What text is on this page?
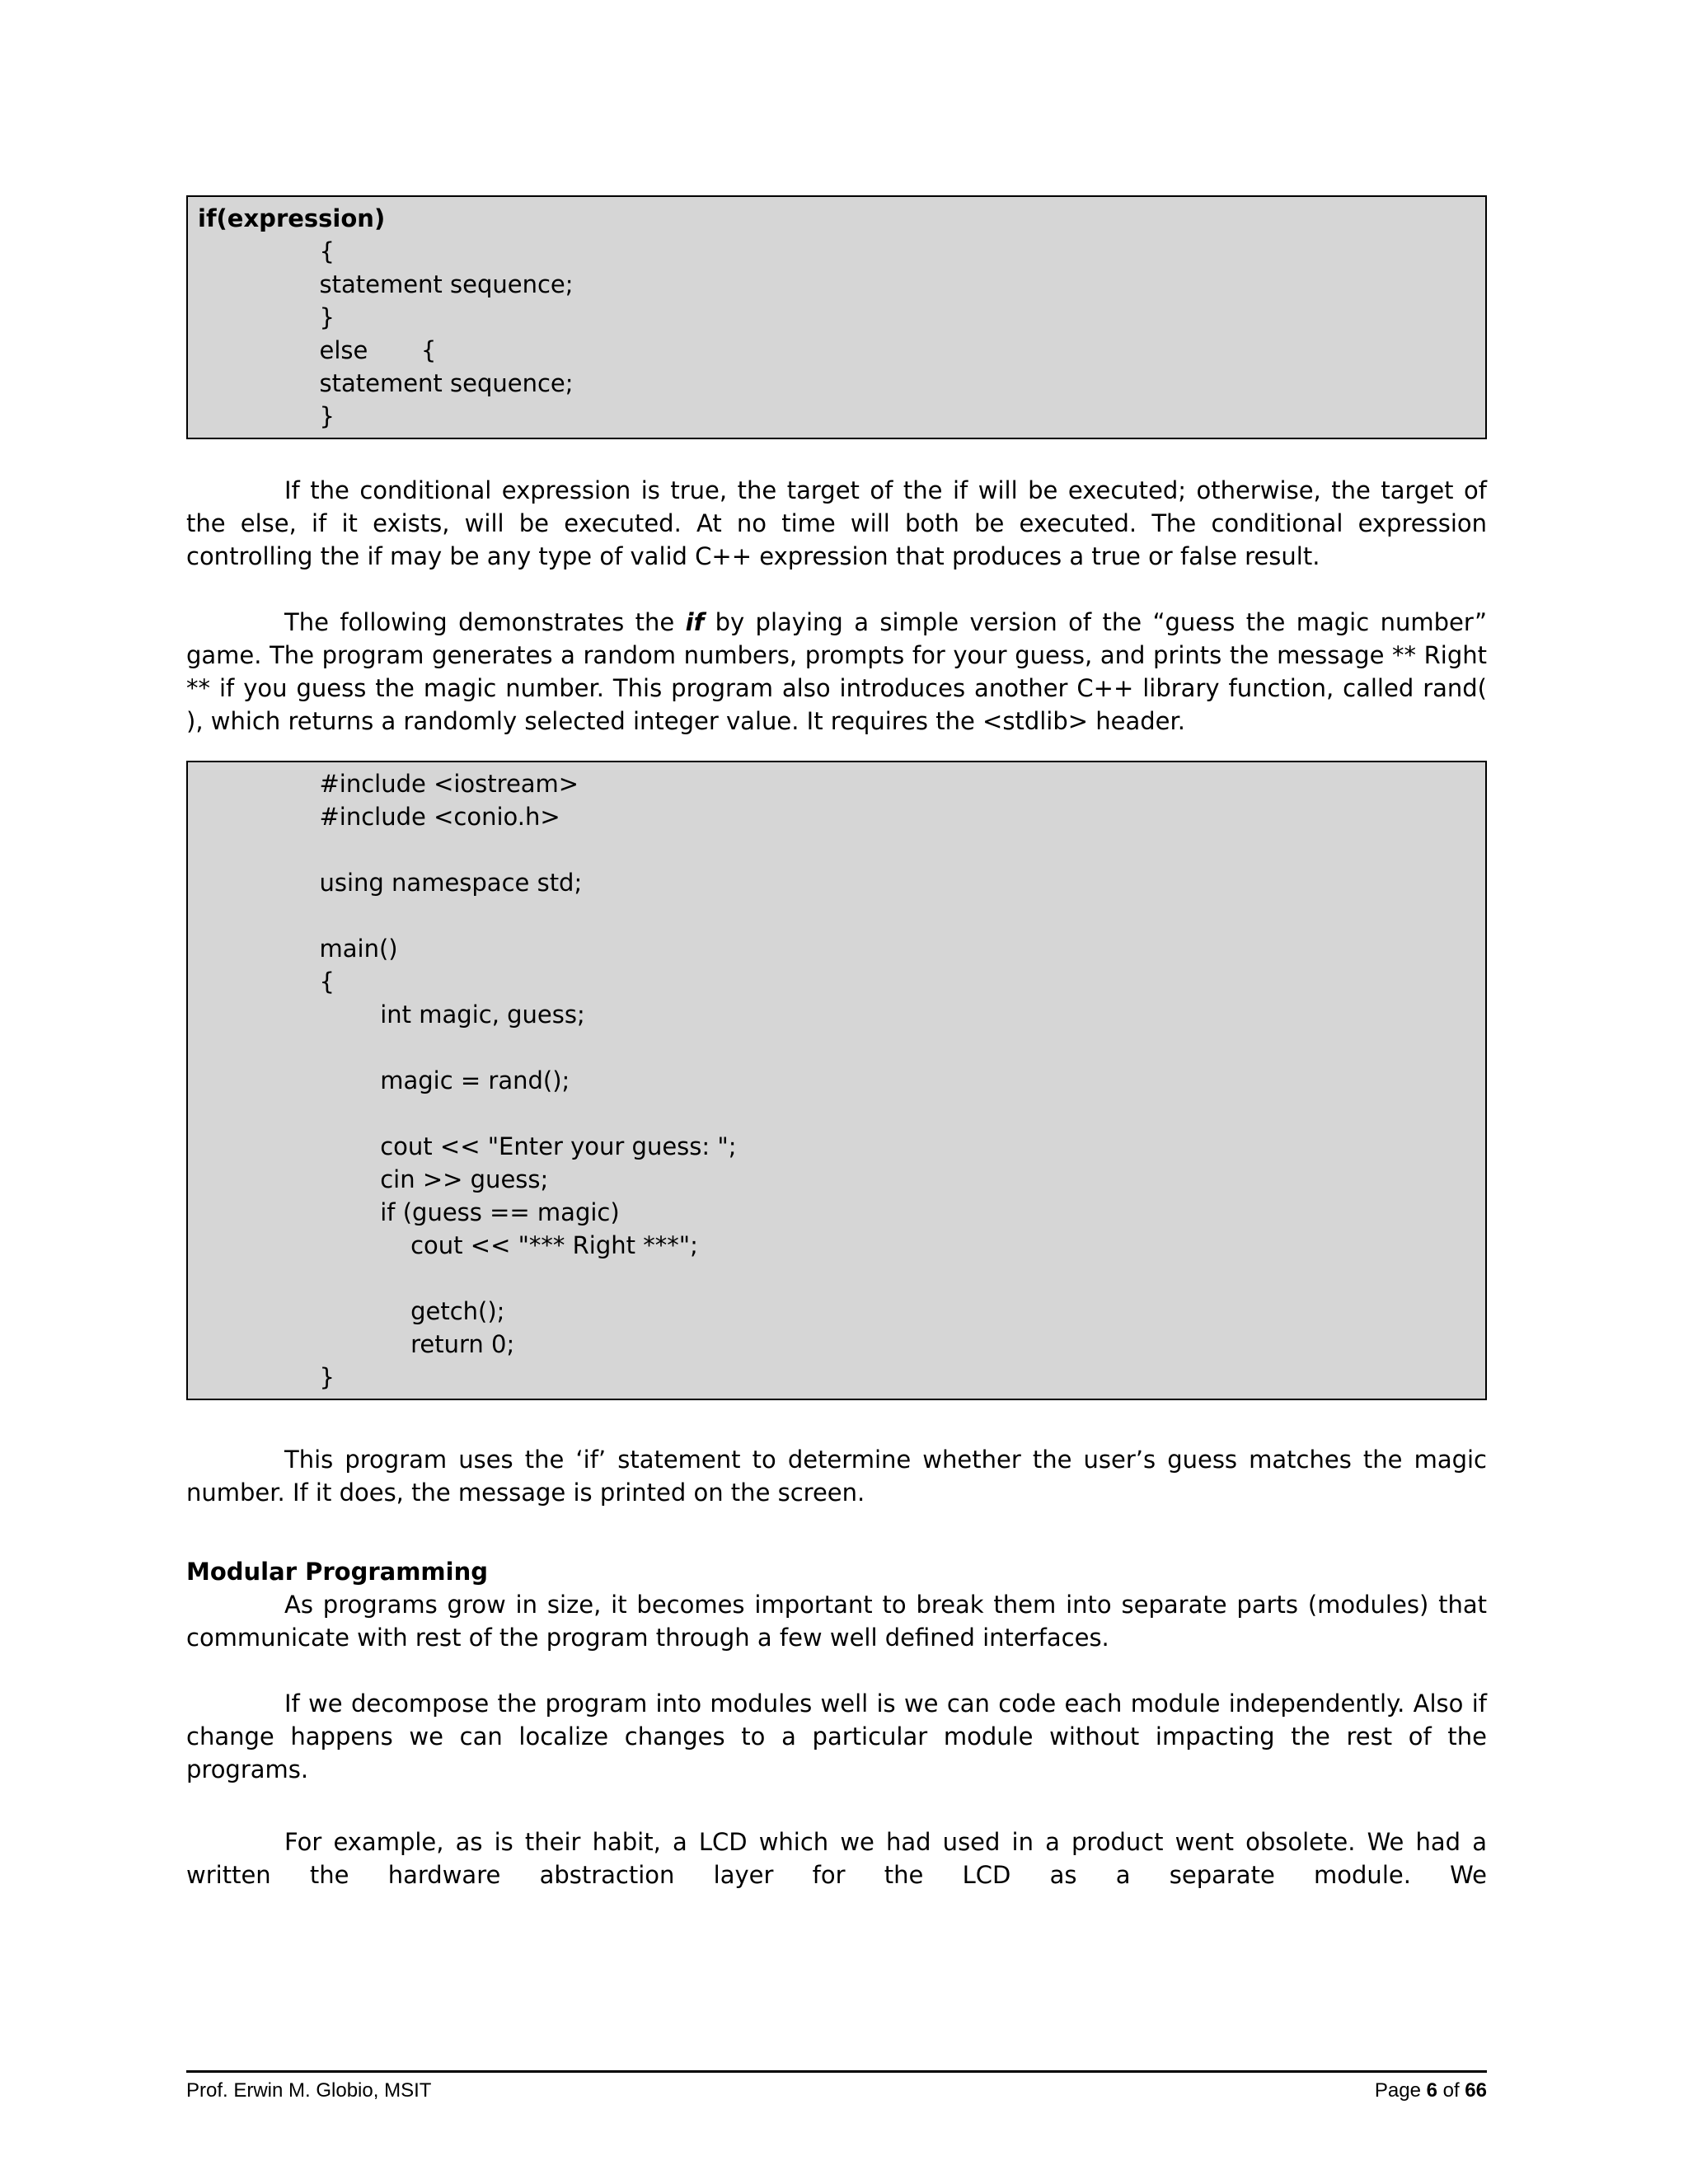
if(expression)
{
statement sequence;
}
else       {
statement sequence;
}

If the conditional expression is true, the target of the if will be executed; otherwise, the target of the else, if it exists, will be executed. At no time will both be executed. The conditional expression controlling the if may be any type of valid C++ expression that produces a true or false result.

The following demonstrates the if by playing a simple version of the “guess the magic number” game. The program generates a random numbers, prompts for your guess, and prints the message ** Right ** if you guess the magic number. This program also introduces another C++ library function, called rand( ), which returns a randomly selected integer value. It requires the <stdlib> header.

#include <iostream>
#include <conio.h>
using namespace std;
main()
{
int magic, guess;
magic = rand();
cout << "Enter your guess: ";
cin >> guess;
if (guess == magic)
cout << "*** Right ***";
getch();
return 0;
}

This program uses the ‘if’ statement to determine whether the user’s guess matches the magic number. If it does, the message is printed on the screen.

Modular Programming

As programs grow in size, it becomes important to break them into separate parts (modules) that communicate with rest of the program through a few well defined interfaces.

If we decompose the program into modules well is we can code each module independently. Also if change happens we can localize changes to a particular module without impacting the rest of the programs.

For example, as is their habit, a LCD which we had used in a product went obsolete. We had a written the hardware abstraction layer for the LCD as a separate module. We

Prof. Erwin M. Globio, MSIT	Page 6 of 66
